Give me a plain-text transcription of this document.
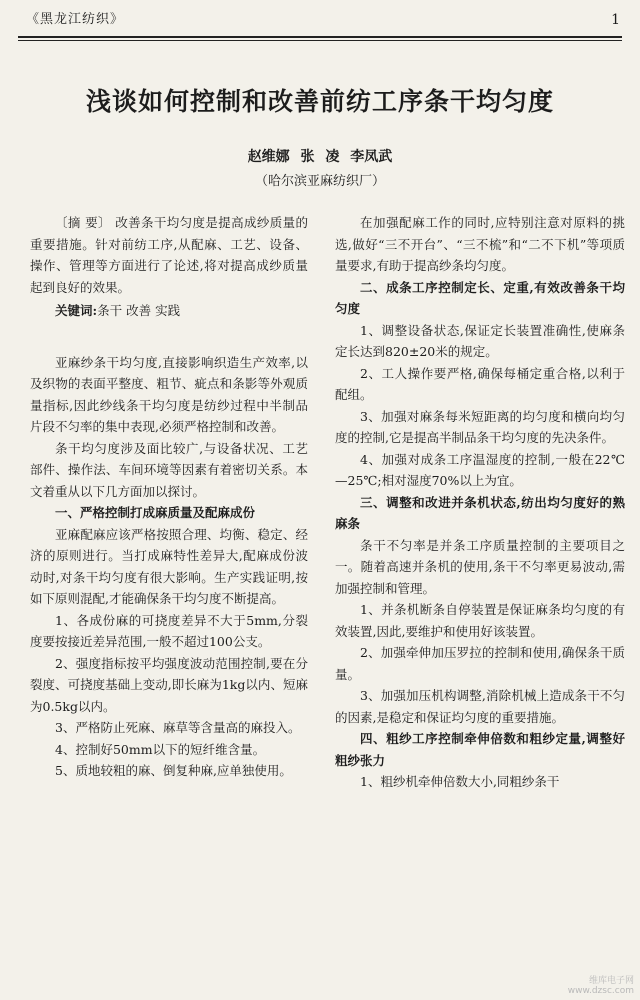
《黑龙江纺织》	1
浅谈如何控制和改善前纺工序条干均匀度
赵维娜 张 凌 李凤武
（哈尔滨亚麻纺织厂）

〔摘 要〕 改善条干均匀度是提高成纱质量的重要措施。针对前纺工序,从配麻、工艺、设备、操作、管理等方面进行了论述,将对提高成纱质量起到良好的效果。

关键词:条干 改善 实践

亚麻纱条干均匀度,直接影响织造生产效率,以及织物的表面平整度、粗节、疵点和条影等外观质量指标,因此纱线条干均匀度是纺纱过程中半制品片段不匀率的集中表现,必须严格控制和改善。

条干均匀度涉及面比较广,与设备状况、工艺部件、操作法、车间环境等因素有着密切关系。本文着重从以下几方面加以探讨。

一、严格控制打成麻质量及配麻成份

亚麻配麻应该严格按照合理、均衡、稳定、经济的原则进行。当打成麻特性差异大,配麻成份波动时,对条干均匀度有很大影响。生产实践证明,按如下原则混配,才能确保条干均匀度不断提高。

1、各成份麻的可挠度差异不大于5mm,分裂度要按接近差异范围,一般不超过100公支。

2、强度指标按平均强度波动范围控制,要在分裂度、可挠度基础上变动,即长麻为1kg以内、短麻为0.5kg以内。

3、严格防止死麻、麻草等含量高的麻投入。

4、控制好50mm以下的短纤维含量。

5、质地较粗的麻、倒复种麻,应单独使用。

在加强配麻工作的同时,应特别注意对原料的挑选,做好“三不开台”、“三不梳”和“二不下机”等项质量要求,有助于提高纱条均匀度。

二、成条工序控制定长、定重,有效改善条干均匀度

1、调整设备状态,保证定长装置准确性,使麻条定长达到820±20米的规定。

2、工人操作要严格,确保每桶定重合格,以利于配组。

3、加强对麻条每米短距离的均匀度和横向均匀度的控制,它是提高半制品条干均匀度的先决条件。

4、加强对成条工序温湿度的控制,一般在22℃—25℃;相对湿度70%以上为宜。

三、调整和改进并条机状态,纺出均匀度好的熟麻条

条干不匀率是并条工序质量控制的主要项目之一。随着高速并条机的使用,条干不匀率更易波动,需加强控制和管理。

1、并条机断条自停装置是保证麻条均匀度的有效装置,因此,要维护和使用好该装置。

2、加强牵伸加压罗拉的控制和使用,确保条干质量。

3、加强加压机构调整,消除机械上造成条干不匀的因素,是稳定和保证均匀度的重要措施。

四、粗纱工序控制牵伸倍数和粗纱定量,调整好粗纱张力

1、粗纱机牵伸倍数大小,同粗纱条干

维库电子网
www.dzsc.com
